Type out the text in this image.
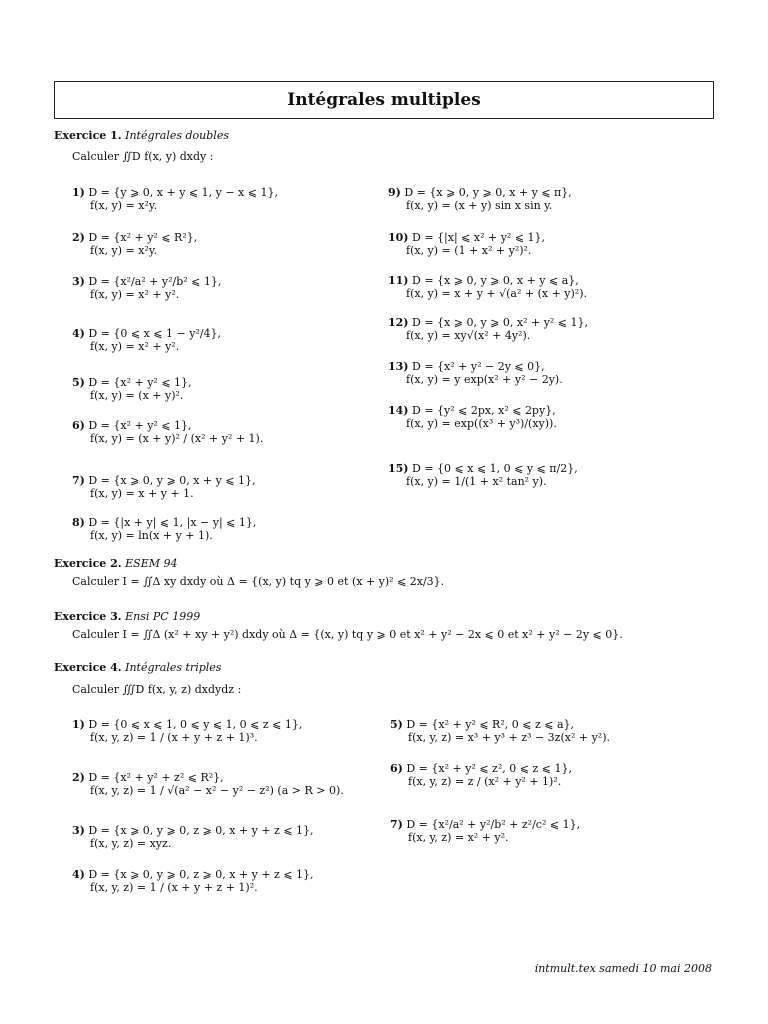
Intégrales multiples
Exercice 1. Intégrales doubles
Calculer ∬D f(x, y) dxdy :
1) D = {y ⩾ 0, x + y ⩽ 1, y − x ⩽ 1},
f(x, y) = x²y.
2) D = {x² + y² ⩽ R²},
f(x, y) = x²y.
3) D = {x²/a² + y²/b² ⩽ 1},
f(x, y) = x² + y².
4) D = {0 ⩽ x ⩽ 1 − y²/4},
f(x, y) = x² + y².
5) D = {x² + y² ⩽ 1},
f(x, y) = (x + y)².
6) D = {x² + y² ⩽ 1},
f(x, y) = (x + y)² / (x² + y² + 1).
7) D = {x ⩾ 0, y ⩾ 0, x + y ⩽ 1},
f(x, y) = x + y + 1.
8) D = {|x + y| ⩽ 1, |x − y| ⩽ 1},
f(x, y) = ln(x + y + 1).
9) D = {x ⩾ 0, y ⩾ 0, x + y ⩽ π},
f(x, y) = (x + y) sin x sin y.
10) D = {|x| ⩽ x² + y² ⩽ 1},
f(x, y) = (1 + x² + y²)².
11) D = {x ⩾ 0, y ⩾ 0, x + y ⩽ a},
f(x, y) = x + y + √(a² + (x + y)²).
12) D = {x ⩾ 0, y ⩾ 0, x² + y² ⩽ 1},
f(x, y) = xy√(x² + 4y²).
13) D = {x² + y² − 2y ⩽ 0},
f(x, y) = y exp(x² + y² − 2y).
14) D = {y² ⩽ 2px, x² ⩽ 2py},
f(x, y) = exp((x³ + y³)/(xy)).
15) D = {0 ⩽ x ⩽ 1, 0 ⩽ y ⩽ π/2},
f(x, y) = 1/(1 + x² tan² y).
Exercice 2. ESEM 94
Calculer I = ∬Δ xy dxdy où Δ = {(x, y) tq y ⩾ 0 et (x + y)² ⩽ 2x/3}.
Exercice 3. Ensi PC 1999
Calculer I = ∬Δ (x² + xy + y²) dxdy où Δ = {(x, y) tq y ⩾ 0 et x² + y² − 2x ⩽ 0 et x² + y² − 2y ⩽ 0}.
Exercice 4. Intégrales triples
Calculer ∭D f(x, y, z) dxdydz :
1) D = {0 ⩽ x ⩽ 1, 0 ⩽ y ⩽ 1, 0 ⩽ z ⩽ 1},
f(x, y, z) = 1 / (x + y + z + 1)³.
2) D = {x² + y² + z² ⩽ R²},
f(x, y, z) = 1 / √(a² − x² − y² − z²) (a > R > 0).
3) D = {x ⩾ 0, y ⩾ 0, z ⩾ 0, x + y + z ⩽ 1},
f(x, y, z) = xyz.
4) D = {x ⩾ 0, y ⩾ 0, z ⩾ 0, x + y + z ⩽ 1},
f(x, y, z) = 1 / (x + y + z + 1)².
5) D = {x² + y² ⩽ R², 0 ⩽ z ⩽ a},
f(x, y, z) = x³ + y³ + z³ − 3z(x² + y²).
6) D = {x² + y² ⩽ z², 0 ⩽ z ⩽ 1},
f(x, y, z) = z / (x² + y² + 1)².
7) D = {x²/a² + y²/b² + z²/c² ⩽ 1},
f(x, y, z) = x² + y².
intmult.tex samedi 10 mai 2008
